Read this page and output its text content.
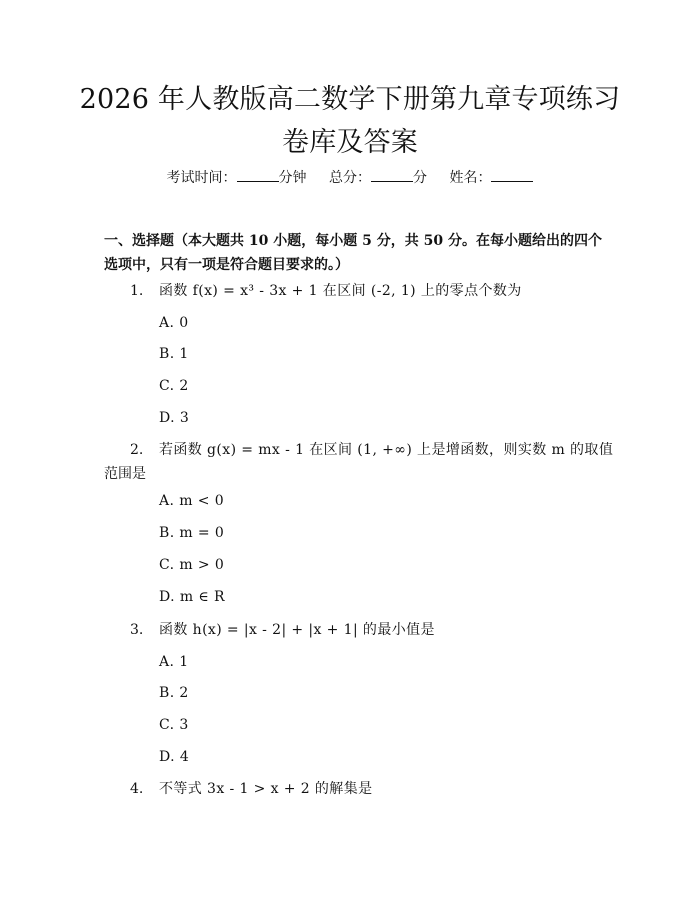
2026 年人教版高二数学下册第九章专项练习
卷库及答案
考试时间：	分钟 总分：	分 姓名：

一、选择题（本大题共 10 小题，每小题 5 分，共 50 分。在每小题给出的四个选项中，只有一项是符合题目要求的。）

1.	函数 f(x) = x³ - 3x + 1 在区间 (-2, 1) 上的零点个数为
A. 0
B. 1
C. 2
D. 3
2.	若函数 g(x) = mx - 1 在区间 (1, +∞) 上是增函数，则实数 m 的取值
范围是
A. m < 0
B. m = 0
C. m > 0
D. m ∈ R
3.	函数 h(x) = |x - 2| + |x + 1| 的最小值是
A. 1
B. 2
C. 3
D. 4
4.	不等式 3x - 1 > x + 2 的解集是
